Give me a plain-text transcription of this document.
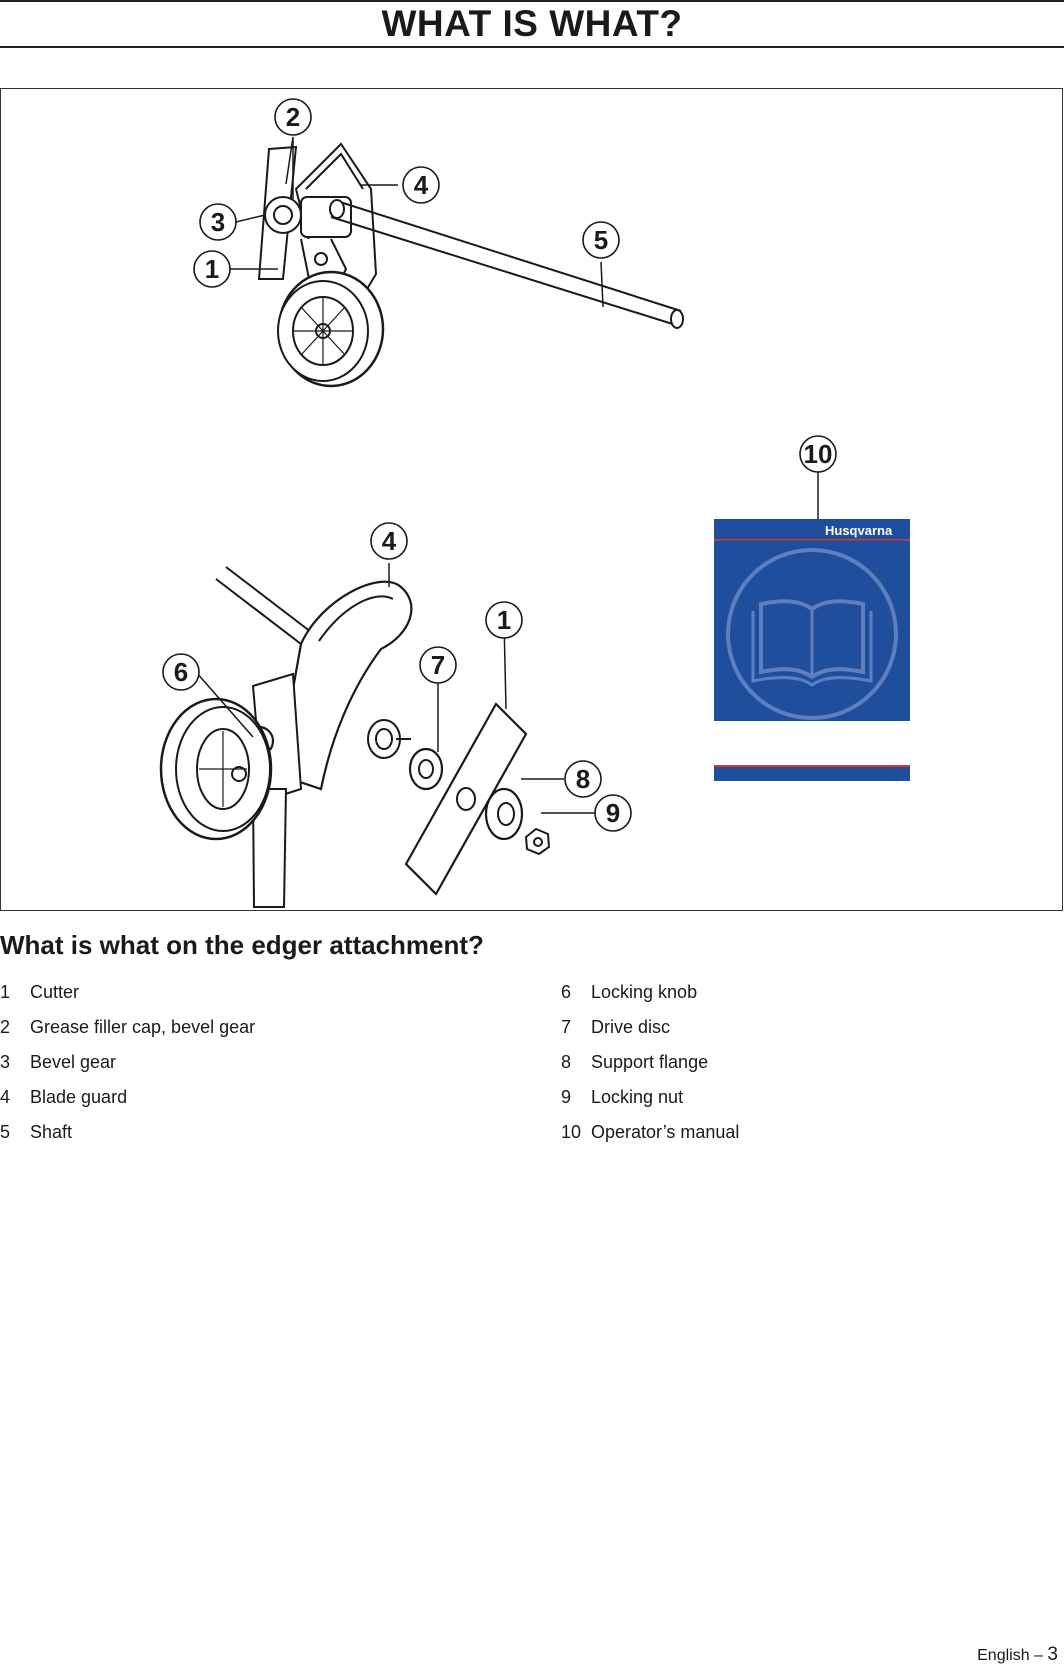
WHAT IS WHAT?
Husqvarna
2
4
3
1
5
10
4
1
6	7
8
9
What is what on the edger attachment?
1 Cutter
2 Grease filler cap, bevel gear
3 Bevel gear
4 Blade guard
5 Shaft
6 Locking knob
7 Drive disc
8 Support flange
9 Locking nut
10 Operator’s manual
English – 3
